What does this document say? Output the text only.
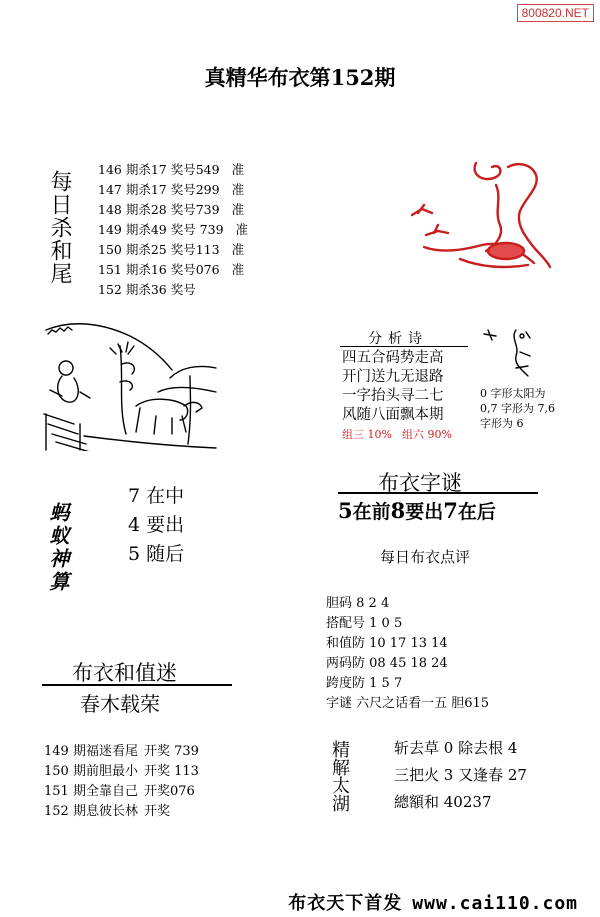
800820.NET
真精华布衣第152期
每日杀和尾
146 期杀17 奖号549 准
147 期杀17 奖号299 准
148 期杀28 奖号739 准
149 期杀49 奖号 739 准
150 期杀25 奖号113 准
151 期杀16 奖号076 准
152 期杀36 奖号
分析诗
四五合码势走高
开门送九无退路
一字抬头寻二七
风随八面飘本期
组三 10% 组六 90%
0 字形太阳为
0,7 字形为 7,6
字形为 6
蚂蚁神算
7 在中
4 要出
5 随后
布衣字谜
5在前8要出7在后
每日布衣点评
胆码 8 2 4
搭配号 1 0 5
和值防 10 17 13 14
两码防 08 45 18 24
跨度防 1 5 7
字谜 六尺之话看一五 胆615
布衣和值迷
春木载荣
149 期福迷看尾 开奖 739
150 期前胆最小 开奖 113
151 期全靠自己 开奖076
152 期息彼长林 开奖	精解太湖	斩去草 0 除去根 4
三把火 3 又逢春 27
總額和 40237
布衣天下首发 www.cai110.com
